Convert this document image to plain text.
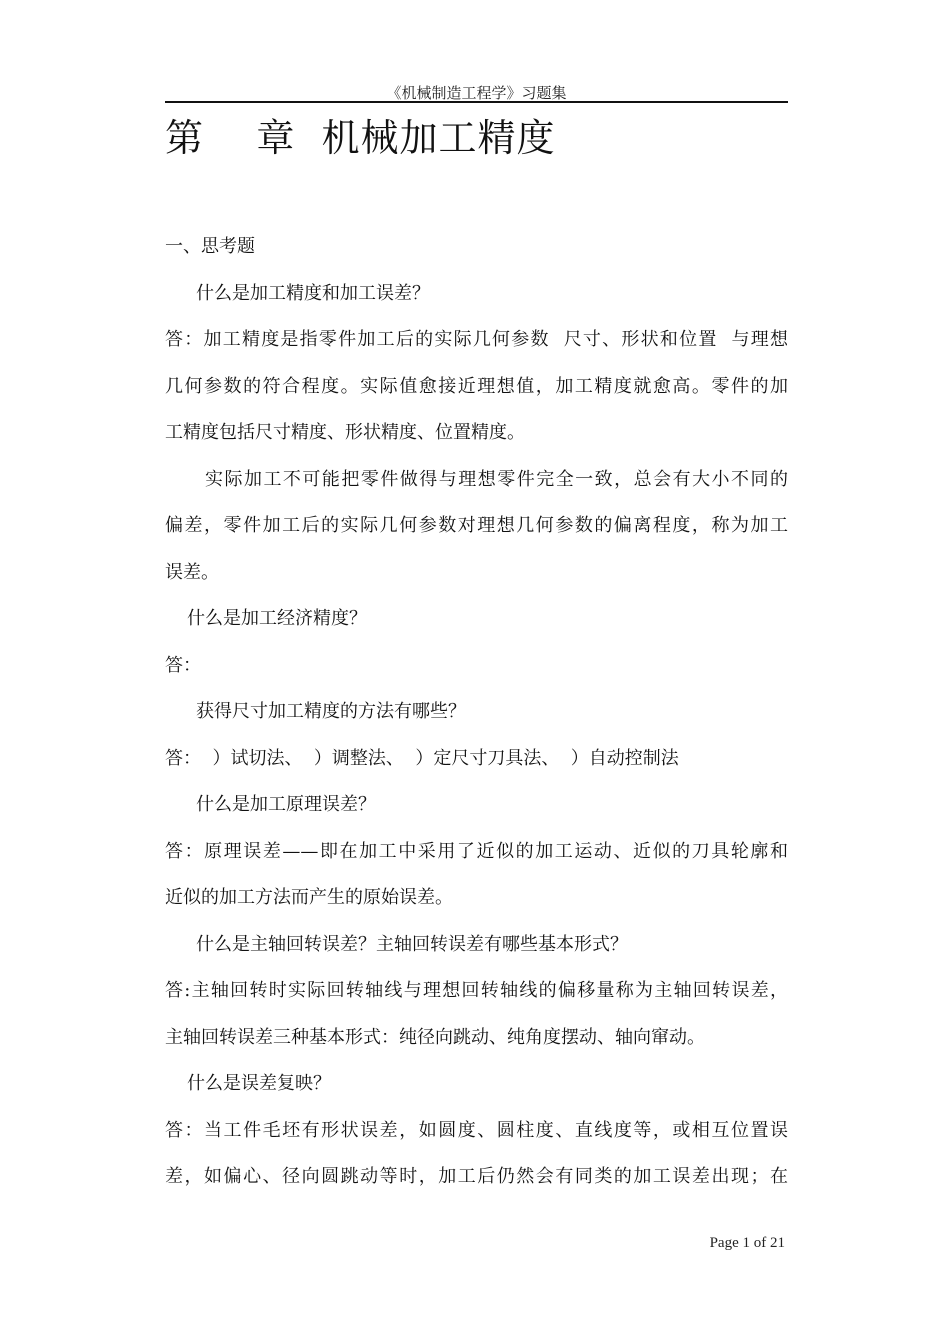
《机械制造工程学》习题集
第    章  机械加工精度

一、思考题

什么是加工精度和加工误差？

答：加工精度是指零件加工后的实际几何参数  尺寸、形状和位置  与理想

几何参数的符合程度。实际值愈接近理想值，加工精度就愈高。零件的加

工精度包括尺寸精度、形状精度、位置精度。

实际加工不可能把零件做得与理想零件完全一致，总会有大小不同的

偏差，零件加工后的实际几何参数对理想几何参数的偏离程度，称为加工

误差。

什么是加工经济精度？

答：

获得尺寸加工精度的方法有哪些？

答：  ）试切法、  ）调整法、  ）定尺寸刀具法、  ）自动控制法

什么是加工原理误差？

答：原理误差——即在加工中采用了近似的加工运动、近似的刀具轮廓和

近似的加工方法而产生的原始误差。

什么是主轴回转误差？主轴回转误差有哪些基本形式？

答:主轴回转时实际回转轴线与理想回转轴线的偏移量称为主轴回转误差，

主轴回转误差三种基本形式：纯径向跳动、纯角度摆动、轴向窜动。

什么是误差复映？

答：当工件毛坯有形状误差，如圆度、圆柱度、直线度等，或相互位置误

差，如偏心、径向圆跳动等时，加工后仍然会有同类的加工误差出现；在

Page 1 of 21
